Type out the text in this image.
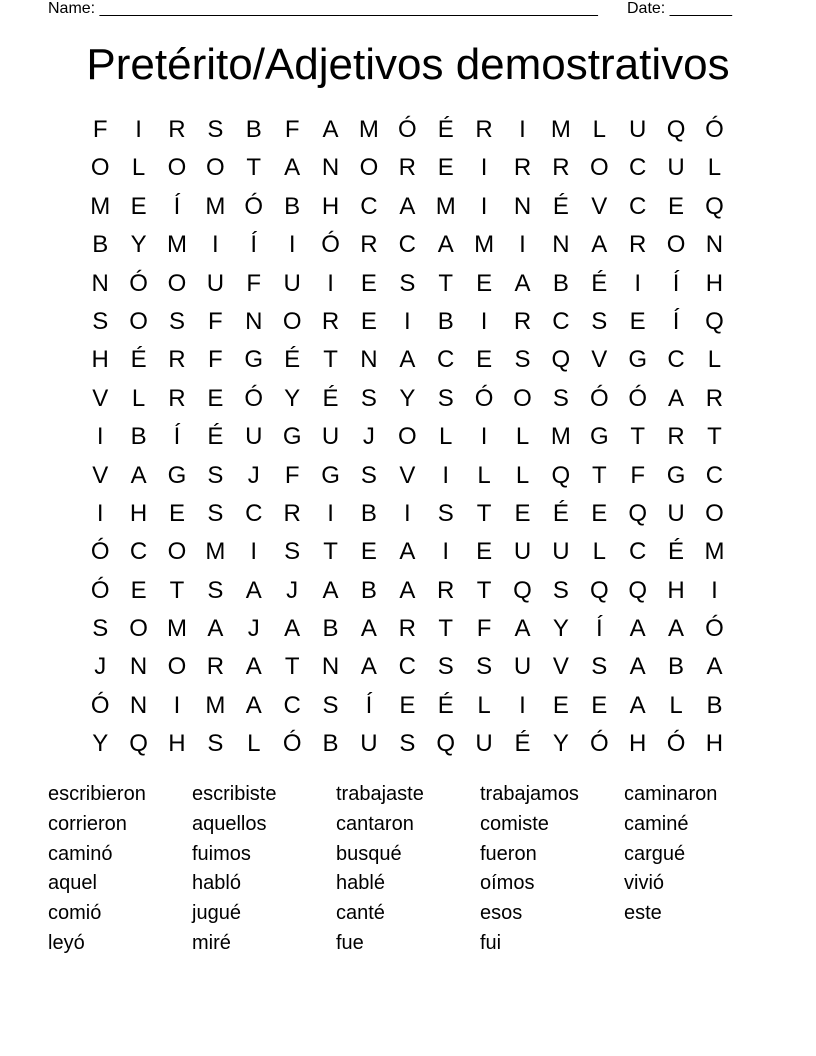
Name: ________________________________________________________ Date: _______
Pretérito/Adjetivos demostrativos
F	I	R S B F A M Ó É R	I	M L U Q Ó
O L O O T A N O R E	I	R R O C U L
M E	Í	M Ó B H C A M	I	N É V C E Q
B Y M	I	Í	I	Ó R C A M	I	N A R O N
N Ó O U F U	I	E S T E A B É	I	Í	H
S O S F N O R E	I	B	I	R C S E	Í	Q
H É R F G É T N A C E S Q V G C L
V L R E Ó Y É S Y S Ó O S Ó Ó A R
I	B	Í	É U G U J O L	I	L M G T R T
V A G S	J	F G S V	I	L	L Q T F G C
I	H E S C R	I	B	I	S T E É E Q U O
Ó C O M	I	S T E A	I	E U U L C É M
Ó E T S A	J	A B A R T Q S Q Q H	I
S O M A	J	A B A R T F A Y	Í	A A Ó
J N O R A T N A C S S U V S A B A
Ó N	I	M A C S	Í	E É L	I	E E A L B
Y Q H S L Ó B U S Q U É Y Ó H Ó H
escribieron	escribiste	trabajaste	trabajamos	caminaron
corrieron	aquellos	cantaron	comiste	caminé
caminó	fuimos	busqué	fueron	cargué
aquel	habló	hablé	oímos	vivió
comió	jugué	canté	esos	este
leyó	miré	fue	fui
